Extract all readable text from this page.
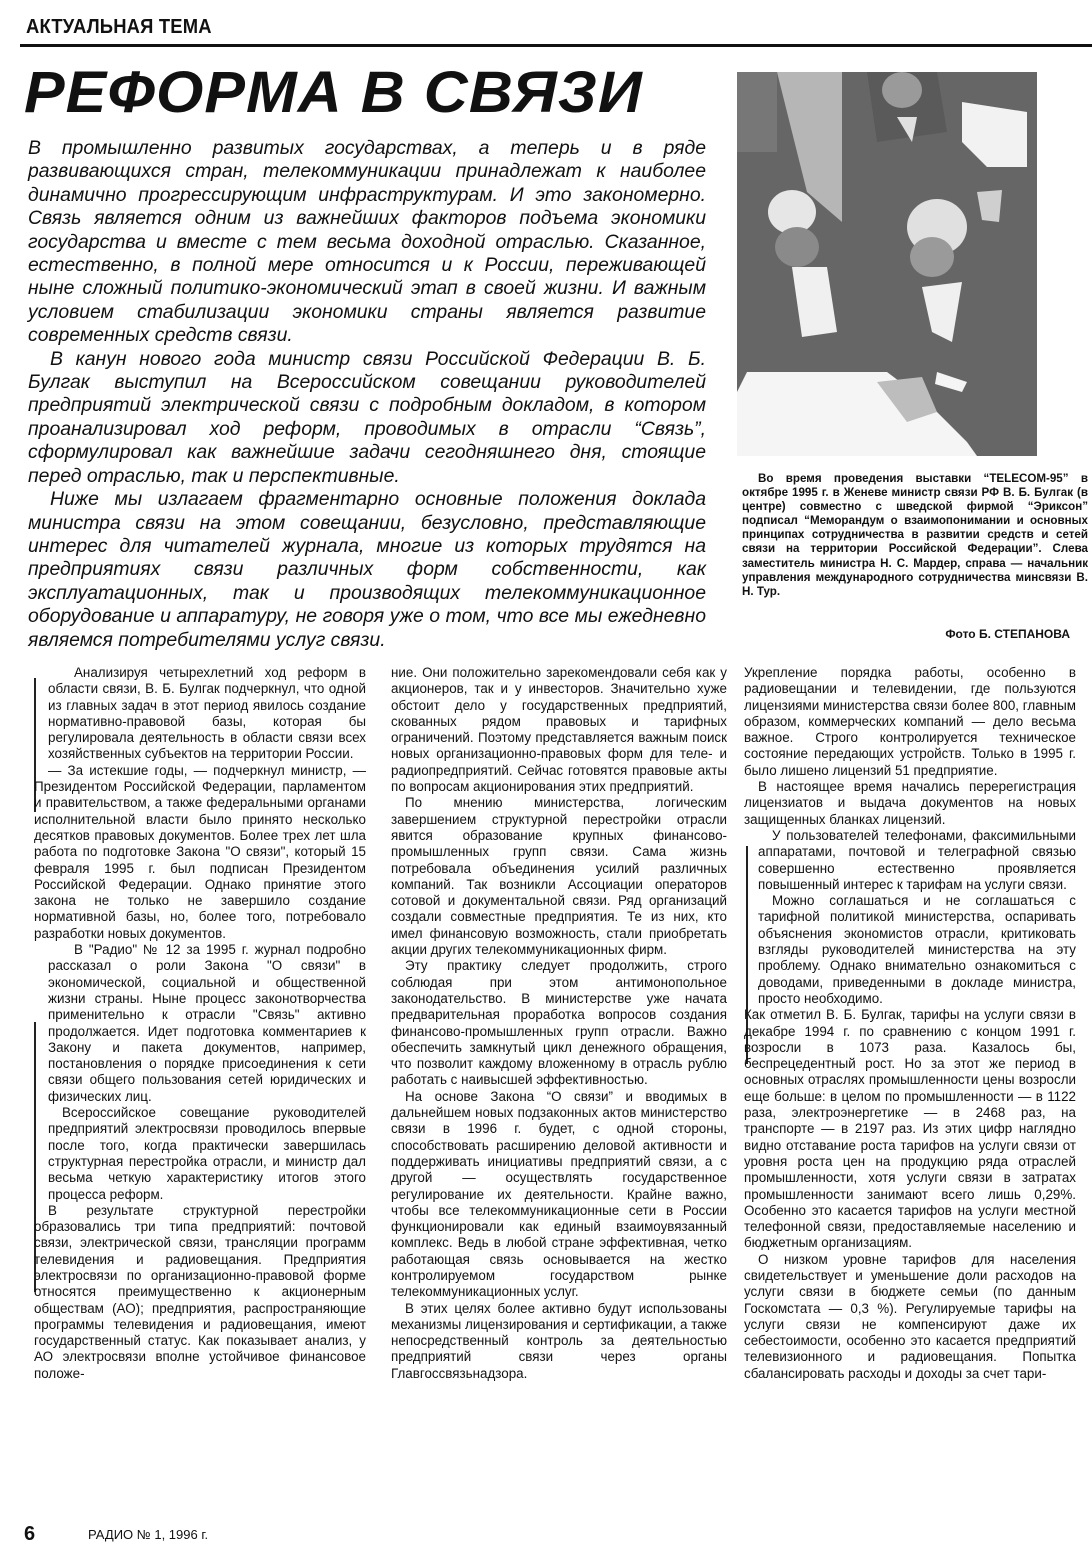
АКТУАЛЬНАЯ ТЕМА
РЕФОРМА В СВЯЗИ

В промышленно развитых государствах, а теперь и в ряде развивающихся стран, телекоммуникации принадлежат к наиболее динамично прогрессирующим инфраструктурам. И это закономерно. Связь является одним из важнейших факторов подъема экономики государства и вместе с тем весьма доходной отраслью. Сказанное, естественно, в полной мере относится и к России, переживающей ныне сложный политико-экономический этап в своей жизни. И важным условием стабилизации экономики страны является развитие современных средств связи.

В канун нового года министр связи Российской Федерации В. Б. Булгак выступил на Всероссийском совещании руководителей предприятий электрической связи с подробным докладом, в котором проанализировал ход реформ, проводимых в отрасли “Связь”, сформулировал как важнейшие задачи сегодняшнего дня, стоящие перед отраслью, так и перспективные.

Ниже мы излагаем фрагментарно основные положения доклада министра связи на этом совещании, безусловно, представляющие интерес для читателей журнала, многие из которых трудятся на предприятиях связи различных форм собственности, как эксплуатационных, так и производящих телекоммуникационное оборудование и аппаратуру, не говоря уже о том, что все мы ежедневно являемся потребителями услуг связи.

Во время проведения выставки “TELECOM-95” в октябре 1995 г. в Женеве министр связи РФ В. Б. Булгак (в центре) совместно с шведской фирмой “Эриксон” подписал “Меморандум о взаимопонимании и основных принципах сотрудничества в развитии средств и сетей связи на территории Российской Федерации”. Слева заместитель министра Н. С. Мардер, справа — начальник управления международного сотрудничества минсвязи В. Н. Тур.

Фото Б. СТЕПАНОВА

Анализируя четырехлетний ход реформ в области связи, В. Б. Булгак подчеркнул, что одной из главных задач в этот период явилось создание нормативно-правовой базы, которая бы регулировала деятельность в области связи всех хозяйственных субъектов на территории России.

— За истекшие годы, — подчеркнул министр, — Президентом Российской Федерации, парламентом и правительством, а также федеральными органами исполнительной власти было принято несколько десятков правовых документов. Более трех лет шла работа по подготовке Закона "О связи", который 15 февраля 1995 г. был подписан Президентом Российской Федерации. Однако принятие этого закона не только не завершило создание нормативной базы, но, более того, потребовало разработки новых документов.

В "Радио" № 12 за 1995 г. журнал подробно рассказал о роли Закона "О связи" в экономической, социальной и общественной жизни страны. Ныне процесс законотворчества применительно к отрасли "Связь" активно продолжается. Идет подготовка комментариев к Закону и пакета документов, например, постановления о порядке присоединения к сети связи общего пользования сетей юридических и физических лиц.

Всероссийское совещание руководителей предприятий электросвязи проводилось впервые после того, когда практически завершилась структурная перестройка отрасли, и министр дал весьма четкую характеристику итогов этого процесса реформ.

В результате структурной перестройки образовались три типа предприятий: почтовой связи, электрической связи, трансляции программ телевидения и радиовещания. Предприятия электросвязи по организационно-правовой форме относятся преимущественно к акционерным обществам (АО); предприятия, распространяющие программы телевидения и радиовещания, имеют государственный статус. Как показывает анализ, у АО электросвязи вполне устойчивое финансовое положе-

ние. Они положительно зарекомендовали себя как у акционеров, так и у инвесторов. Значительно хуже обстоит дело у государственных предприятий, скованных рядом правовых и тарифных ограничений. Поэтому представляется важным поиск новых организационно-правовых форм для теле- и радиопредприятий. Сейчас готовятся правовые акты по вопросам акционирования этих предприятий.

По мнению министерства, логическим завершением структурной перестройки отрасли явится образование крупных финансово-промышленных групп связи. Сама жизнь потребовала объединения усилий различных компаний. Так возникли Ассоциации операторов сотовой и документальной связи. Ряд организаций создали совместные предприятия. Те из них, кто имел финансовую возможность, стали приобретать акции других телекоммуникационных фирм.

Эту практику следует продолжить, строго соблюдая при этом антимонопольное законодательство. В министерстве уже начата предварительная проработка вопросов создания финансово-промышленных групп отрасли. Важно обеспечить замкнутый цикл денежного обращения, что позволит каждому вложенному в отрасль рублю работать с наивысшей эффективностью.

На основе Закона “О связи” и вводимых в дальнейшем новых подзаконных актов министерство связи в 1996 г. будет, с одной стороны, способствовать расширению деловой активности и поддерживать инициативы предприятий связи, а с другой — осуществлять государственное регулирование их деятельности. Крайне важно, чтобы все телекоммуникационные сети в России функционировали как единый взаимоувязанный комплекс. Ведь в любой стране эффективная, четко работающая связь основывается на жестко контролируемом государством рынке телекоммуникационных услуг.

В этих целях более активно будут использованы механизмы лицензирования и сертификации, а также непосредственный контроль за деятельностью предприятий связи через органы Главгоссвязьнадзора.

Укрепление порядка работы, особенно в радиовещании и телевидении, где пользуются лицензиями министерства связи более 800, главным образом, коммерческих компаний — дело весьма важное. Строго контролируется техническое состояние передающих устройств. Только в 1995 г. было лишено лицензий 51 предприятие.

В настоящее время начались перерегистрация лицензиатов и выдача документов на новых защищенных бланках лицензий.

У пользователей телефонами, факсимильными аппаратами, почтовой и телеграфной связью совершенно естественно проявляется повышенный интерес к тарифам на услуги связи.

Можно соглашаться и не соглашаться с тарифной политикой министерства, оспаривать объяснения экономистов отрасли, критиковать взгляды руководителей министерства на эту проблему. Однако внимательно ознакомиться с доводами, приведенными в докладе министра, просто необходимо.

Как отметил В. Б. Булгак, тарифы на услуги связи в декабре 1994 г. по сравнению с концом 1991 г. возросли в 1073 раза. Казалось бы, беспрецедентный рост. Но за этот же период в основных отраслях промышленности цены возросли еще больше: в целом по промышленности — в 1122 раза, электроэнергетике — в 2468 раз, на транспорте — в 2197 раз. Из этих цифр наглядно видно отставание роста тарифов на услуги связи от уровня роста цен на продукцию ряда отраслей промышленности, хотя услуги связи в затратах промышленности занимают всего лишь 0,29%. Особенно это касается тарифов на услуги местной телефонной связи, предоставляемые населению и бюджетным организациям.

О низком уровне тарифов для населения свидетельствует и уменьшение доли расходов на услуги связи в бюджете семьи (по данным Госкомстата — 0,3 %). Регулируемые тарифы на услуги связи не компенсируют даже их себестоимости, особенно это касается предприятий телевизионного и радиовещания. Попытка сбалансировать расходы и доходы за счет тари-

6	РАДИО № 1, 1996 г.
